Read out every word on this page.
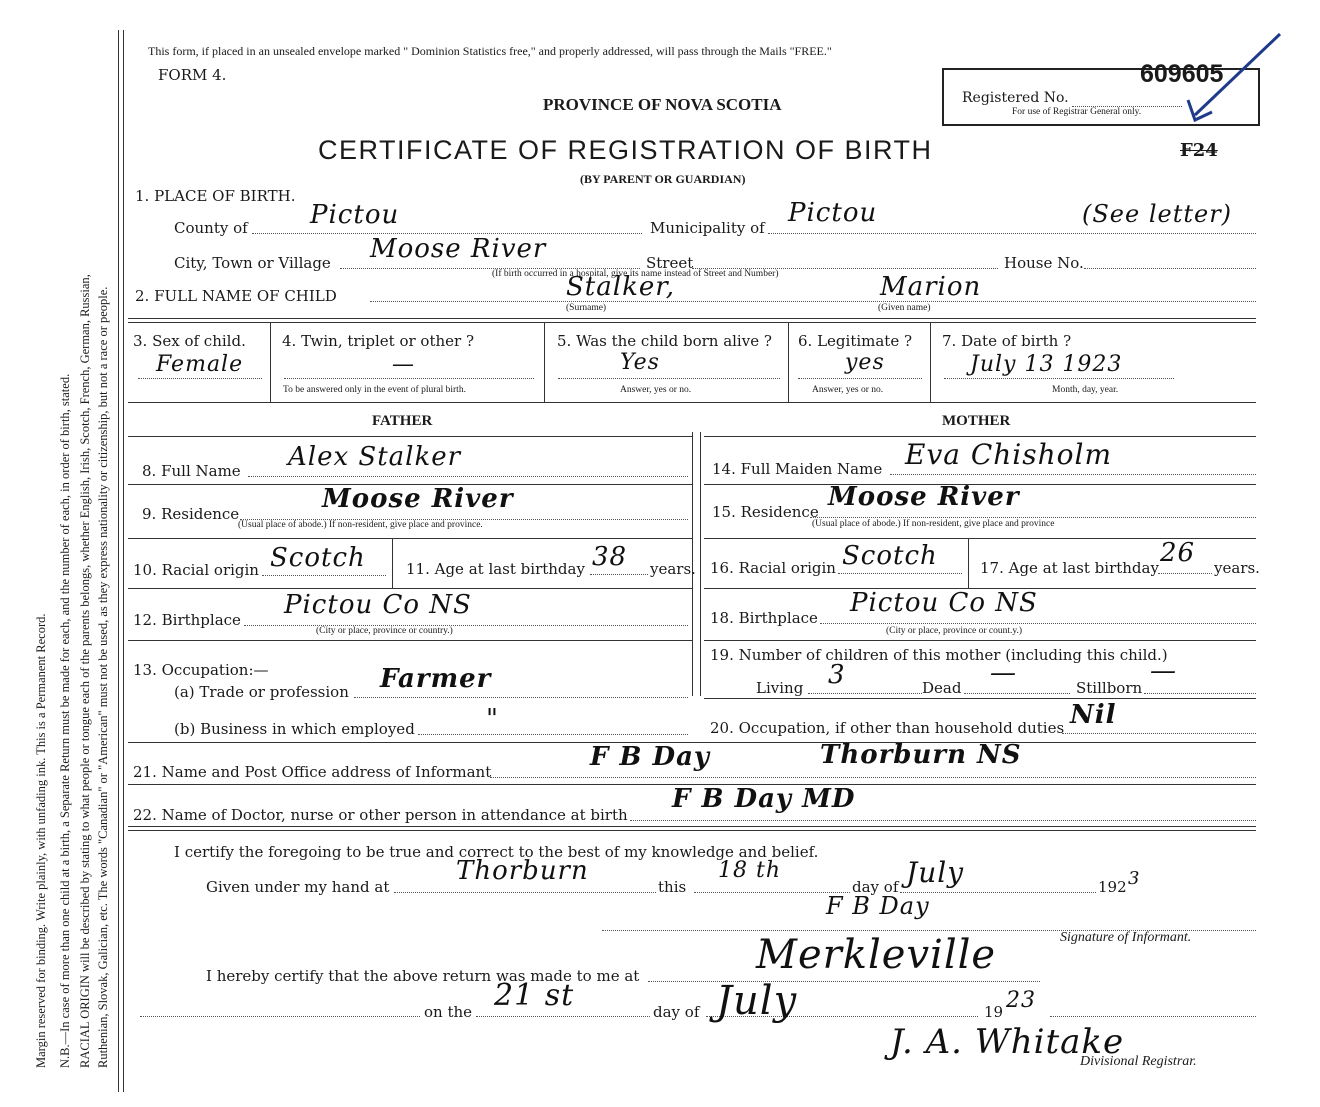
Margin reserved for binding. Write plainly, with unfading ink. This is a Permanent Record. N.B.—In case of more than one child at a birth, a Separate Return must be made for each, and the number of each, in order of birth, stated. RACIAL ORIGIN will be described by stating to what people or tongue each of the parents belongs, whether English, Irish, Scotch, French, German, Russian, Ruthenian, Slovak, Galician, etc. The words "Canadian" or "American" must not be used, as they express nationality or citizenship, but not a race or people.
This form, if placed in an unsealed envelope marked " Dominion Statistics free," and properly addressed, will pass through the Mails "FREE."
FORM 4.
PROVINCE OF NOVA SCOTIA
CERTIFICATE OF REGISTRATION OF BIRTH
(BY PARENT OR GUARDIAN)
Registered No.
For use of Registrar General only.
609605
F24
1. PLACE OF BIRTH.
County of Pictou	Municipality of Pictou	(See letter)
City, Town or Village Moose River	Street	House No.
(If birth occurred in a hospital, give its name instead of Street and Number)
2. FULL NAME OF CHILD	Stalker,	Marion
(Surname)	(Given name)
3. Sex of child.
Female
4. Twin, triplet or other ?
—
To be answered only in the event of plural birth.
5. Was the child born alive ?
Yes
Answer, yes or no.
6. Legitimate ?
yes
Answer, yes or no.
7. Date of birth ?
July 13 1923
Month, day, year.
FATHER	MOTHER
8. Full Name Alex Stalker	14. Full Maiden Name Eva Chisholm
9. Residence	Moose River
(Usual place of abode.) If non-resident, give place and province.
15. Residence Moose River
(Usual place of abode.) If non-resident, give place and province
10. Racial origin Scotch	11. Age at last birthday 38 years. 16. Racial origin Scotch	17. Age at last birthday 26 years.
12. Birthplace Pictou Co NS
(City or place, province or country.)
18. Birthplace Pictou Co NS
(City or place, province or count.y.)
13. Occupation:—
(a) Trade or profession Farmer
19. Number of children of this mother (including this child.)
Living 3	Dead —	Stillborn
—
(b) Business in which employed	"	20. Occupation, if other than household duties Nil
21. Name and Post Office address of Informant	F B Day	Thorburn NS
22. Name of Doctor, nurse or other person in attendance at birth
F B Day MD
I certify the foregoing to be true and correct to the best of my knowledge and belief.
Given under my hand at
Thorburn
this
18 th
day of July	192 3
F B Day
Signature of Informant.
I hereby certify that the above return was made to me at	Merkleville
on the 21 st	day of July	19 23
J. A. Whitake
Divisional Registrar.
